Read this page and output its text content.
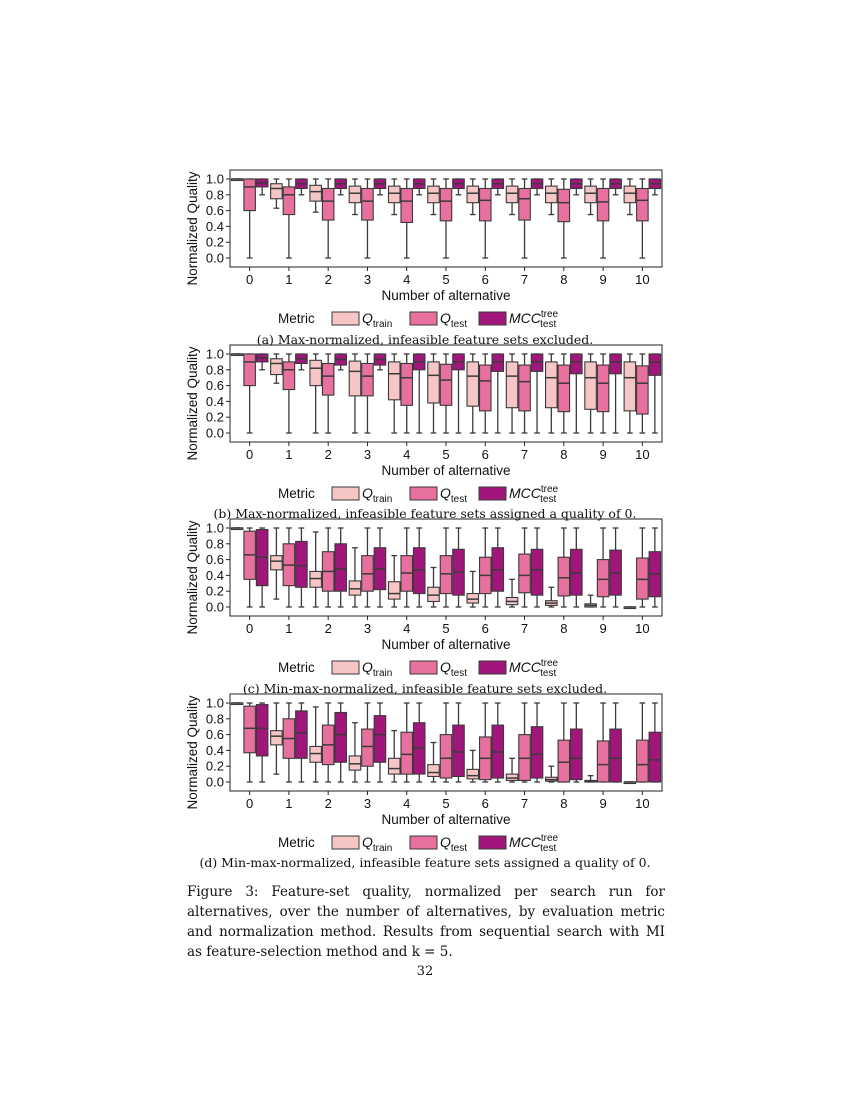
0.0
0.2
0.4
0.6
0.8
1.0
Normalized Quality	0 1 2 3 4 5 6 7 8 9 10
Number of alternative
Metric	$Q_{train}$	$Q_{test}$	$MCC^{tree}$ test
0.0
0.2
0.4
0.6
0.8
1.0
Normalized Quality	0 1 2 3 4 5 6 7 8 9 10
Number of alternative
Metric	$Q_{train}$	$Q_{test}$	$MCC^{tree}$ test
0.0
0.2
0.4
0.6
0.8
1.0
Normalized Quality	0 1 2 3 4 5 6 7 8 9 10
Number of alternative
Metric	$Q_{train}$	$Q_{test}$	$MCC^{tree}$ test
0.0
0.2
0.4
0.6
0.8
1.0
Normalized Quality	0 1 2 3 4 5 6 7 8 9 10
Number of alternative
Metric	$Q_{train}$	$Q_{test}$	$MCC^{tree}$ test
(a) Max-normalized, infeasible feature sets excluded.
(b) Max-normalized, infeasible feature sets assigned a quality of 0.
(c) Min-max-normalized, infeasible feature sets excluded.
(d) Min-max-normalized, infeasible feature sets assigned a quality of 0.
Figure 3: Feature-set quality, normalized per search run for alternatives, over the number of alternatives, by evaluation metric and normalization method. Results from sequential search with MI as feature-selection method and k = 5.
32
